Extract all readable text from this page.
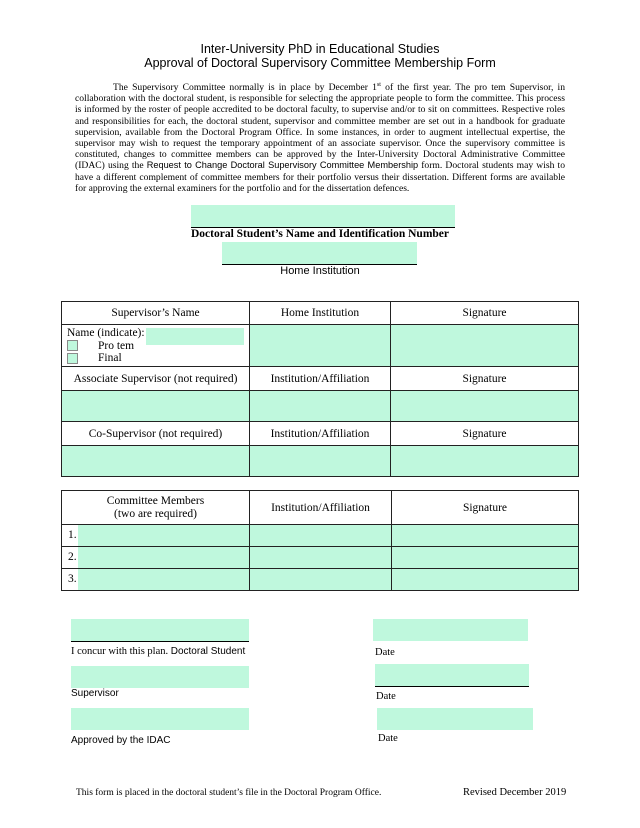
Inter-University PhD in Educational Studies
Approval of Doctoral Supervisory Committee Membership Form
The Supervisory Committee normally is in place by December 1st of the first year. The pro tem Supervisor, in collaboration with the doctoral student, is responsible for selecting the appropriate people to form the committee. This process is informed by the roster of people accredited to be doctoral faculty, to supervise and/or to sit on committees. Respective roles and responsibilities for each, the doctoral student, supervisor and committee member are set out in a handbook for graduate supervision, available from the Doctoral Program Office. In some instances, in order to augment intellectual expertise, the supervisor may wish to request the temporary appointment of an associate supervisor. Once the supervisory committee is constituted, changes to committee members can be approved by the Inter-University Doctoral Administrative Committee (IDAC) using the Request to Change Doctoral Supervisory Committee Membership form. Doctoral students may wish to have a different complement of committee members for their portfolio versus their dissertation. Different forms are available for approving the external examiners for the portfolio and for the dissertation defences.
Doctoral Student’s Name and Identification Number
Home Institution
Supervisor’s Name	Home Institution	Signature

Name (indicate):
Pro tem
Final		

Associate Supervisor (not required)	Institution/Affiliation	Signature

Co-Supervisor (not required)	Institution/Affiliation	Signature

Committee Members
(two are required)	Institution/Affiliation	Signature

1.		

2.		

3.		

I concur with this plan. Doctoral Student	Date
Supervisor	Date
Approved by the IDAC	Date
This form is placed in the doctoral student’s file in the Doctoral Program Office.	Revised December 2019
